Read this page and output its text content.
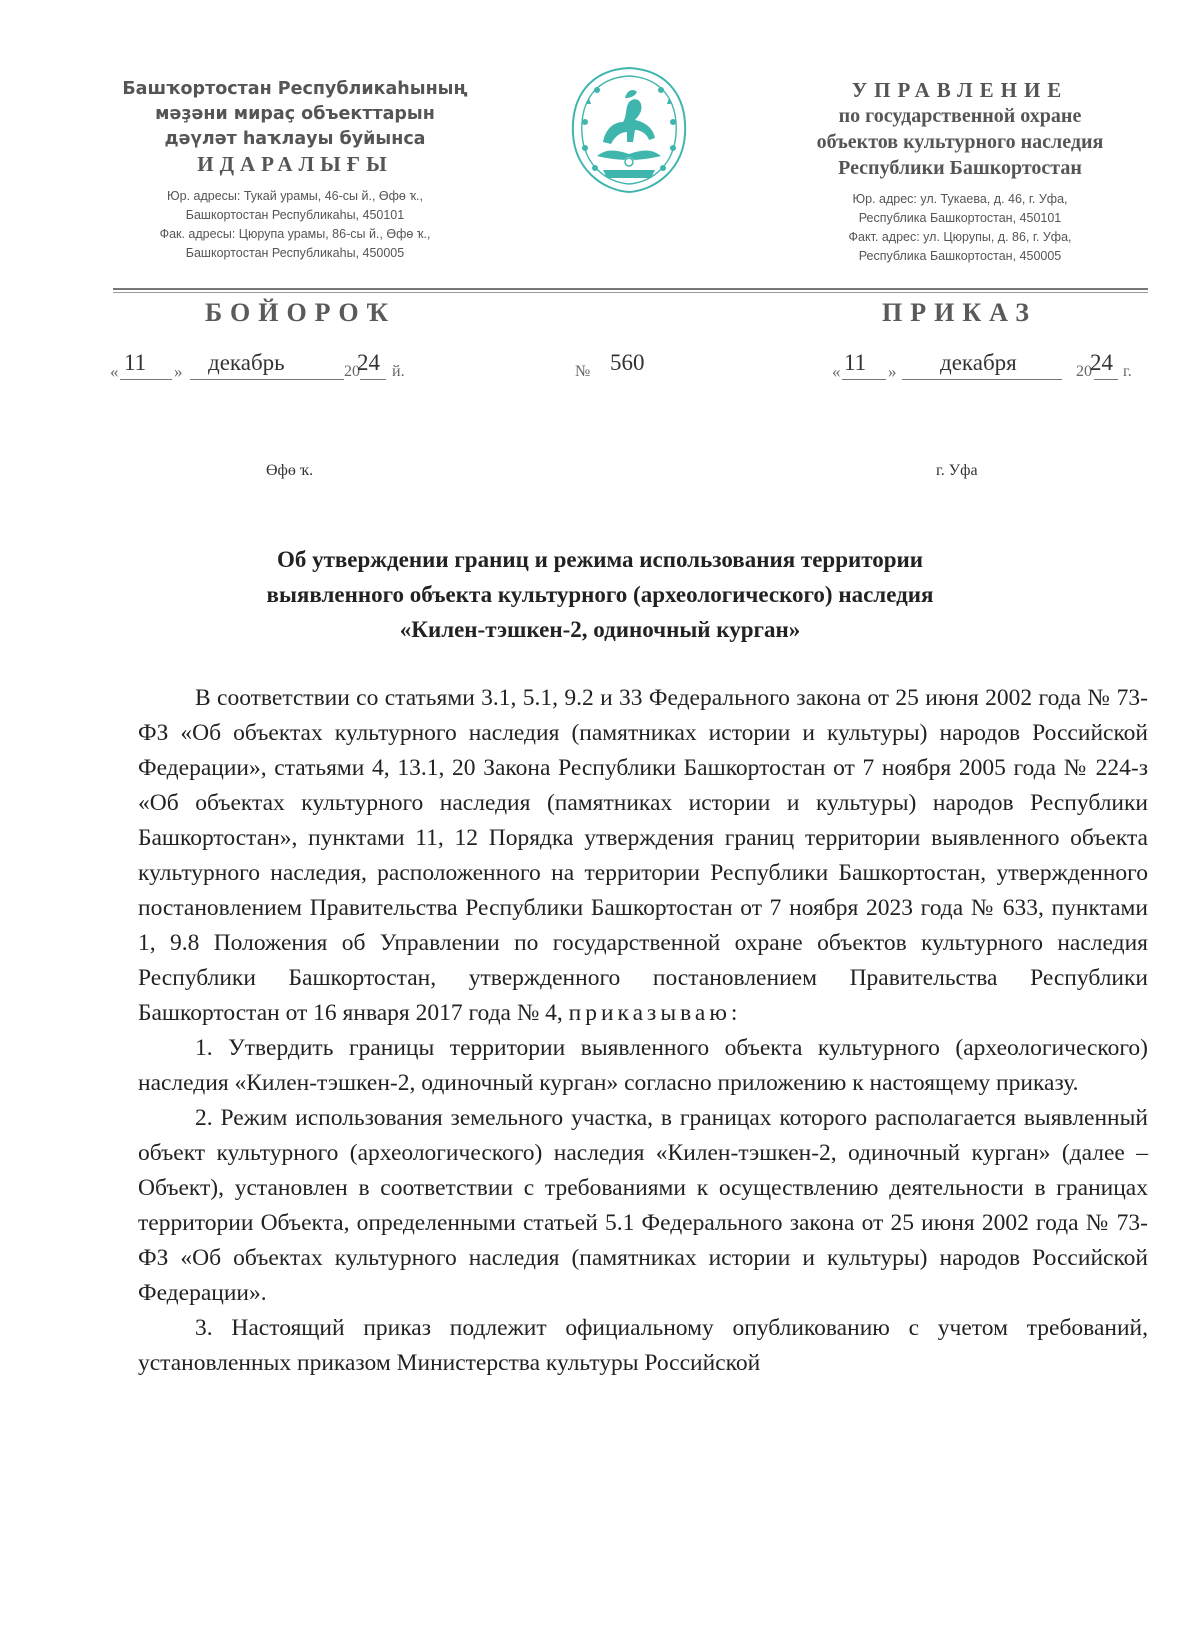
Башҡортостан Республикаһының
мәҙәни мираҫ объекттарын
дәүләт һаҡлауы буйынса
ИДАРАЛЫҒЫ
Юр. адресы: Тукай урамы, 46-сы й., Өфө ҡ.,
Башкортостан Республикаһы, 450101
Фак. адресы: Цюрупа урамы, 86-сы й., Өфө ҡ.,
Башкортостан Республикаһы, 450005
УПРАВЛЕНИЕ
по государственной охране
объектов культурного наследия
Республики Башкортостан
Юр. адрес: ул. Тукаева, д. 46, г. Уфа,
Республика Башкортостан, 450101
Факт. адрес: ул. Цюрупы, д. 86, г. Уфа,
Республика Башкортостан, 450005
БОЙОРОҠ	ПРИКАЗ
« 11 » декабрь	20
24 й.	№ 560	« 11 » декабря	20
24 г.
Өфө ҡ.	г. Уфа
Об утверждении границ и режима использования территории
выявленного объекта культурного (археологического) наследия
«Килен-тэшкен-2, одиночный курган»

В соответствии со статьями 3.1, 5.1, 9.2 и 33 Федерального закона от 25 июня 2002 года № 73-ФЗ «Об объектах культурного наследия (памятниках истории и культуры) народов Российской Федерации», статьями 4, 13.1, 20 Закона Республики Башкортостан от 7 ноября 2005 года № 224-з «Об объектах культурного наследия (памятниках истории и культуры) народов Республики Башкортостан», пунктами 11, 12 Порядка утверждения границ территории выявленного объекта культурного наследия, расположенного на территории Республики Башкортостан, утвержденного постановлением Правительства Республики Башкортостан от 7 ноября 2023 года № 633, пунктами 1, 9.8 Положения об Управлении по государственной охране объектов культурного наследия Республики Башкортостан, утвержденного постановлением Правительства Республики Башкортостан от 16 января 2017 года № 4, приказываю:

1. Утвердить границы территории выявленного объекта культурного (археологического) наследия «Килен-тэшкен-2, одиночный курган» согласно приложению к настоящему приказу.

2. Режим использования земельного участка, в границах которого располагается выявленный объект культурного (археологического) наследия «Килен-тэшкен-2, одиночный курган» (далее – Объект), установлен в соответствии с требованиями к осуществлению деятельности в границах территории Объекта, определенными статьей 5.1 Федерального закона от 25 июня 2002 года № 73-ФЗ «Об объектах культурного наследия (памятниках истории и культуры) народов Российской Федерации».

3. Настоящий приказ подлежит официальному опубликованию с учетом требований, установленных приказом Министерства культуры Российской
